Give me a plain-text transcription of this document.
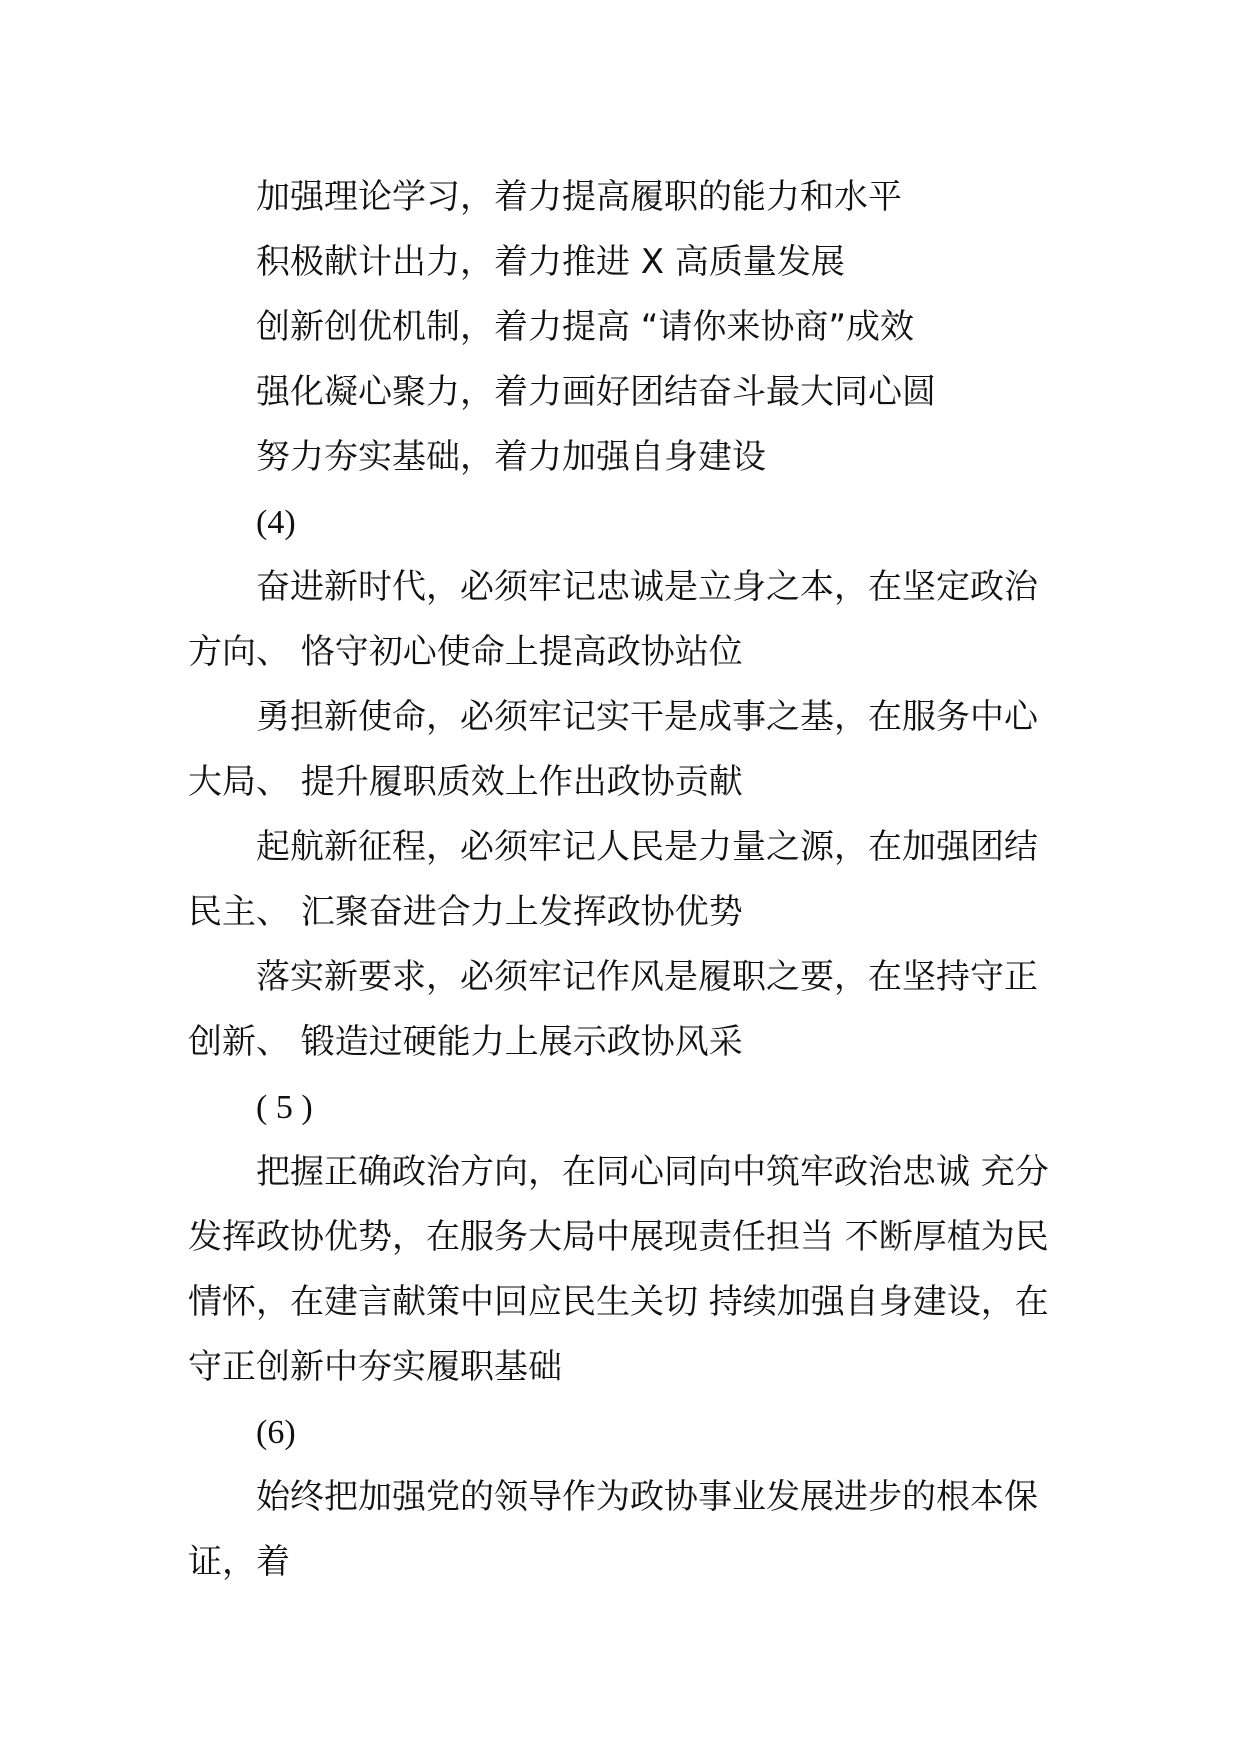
加强理论学习，着力提高履职的能力和水平

积极献计出力，着力推进 X 高质量发展

创新创优机制，着力提高 “请你来协商”成效

强化凝心聚力，着力画好团结奋斗最大同心圆

努力夯实基础，着力加强自身建设

(4)

奋进新时代，必须牢记忠诚是立身之本，在坚定政治方向、 恪守初心使命上提高政协站位

勇担新使命，必须牢记实干是成事之基，在服务中心大局、 提升履职质效上作出政协贡献

起航新征程，必须牢记人民是力量之源，在加强团结民主、 汇聚奋进合力上发挥政协优势

落实新要求，必须牢记作风是履职之要，在坚持守正创新、 锻造过硬能力上展示政协风采

( 5 )

把握正确政治方向，在同心同向中筑牢政治忠诚 充分发挥政协优势，在服务大局中展现责任担当 不断厚植为民情怀，在建言献策中回应民生关切 持续加强自身建设，在守正创新中夯实履职基础

(6)

始终把加强党的领导作为政协事业发展进步的根本保证，着
